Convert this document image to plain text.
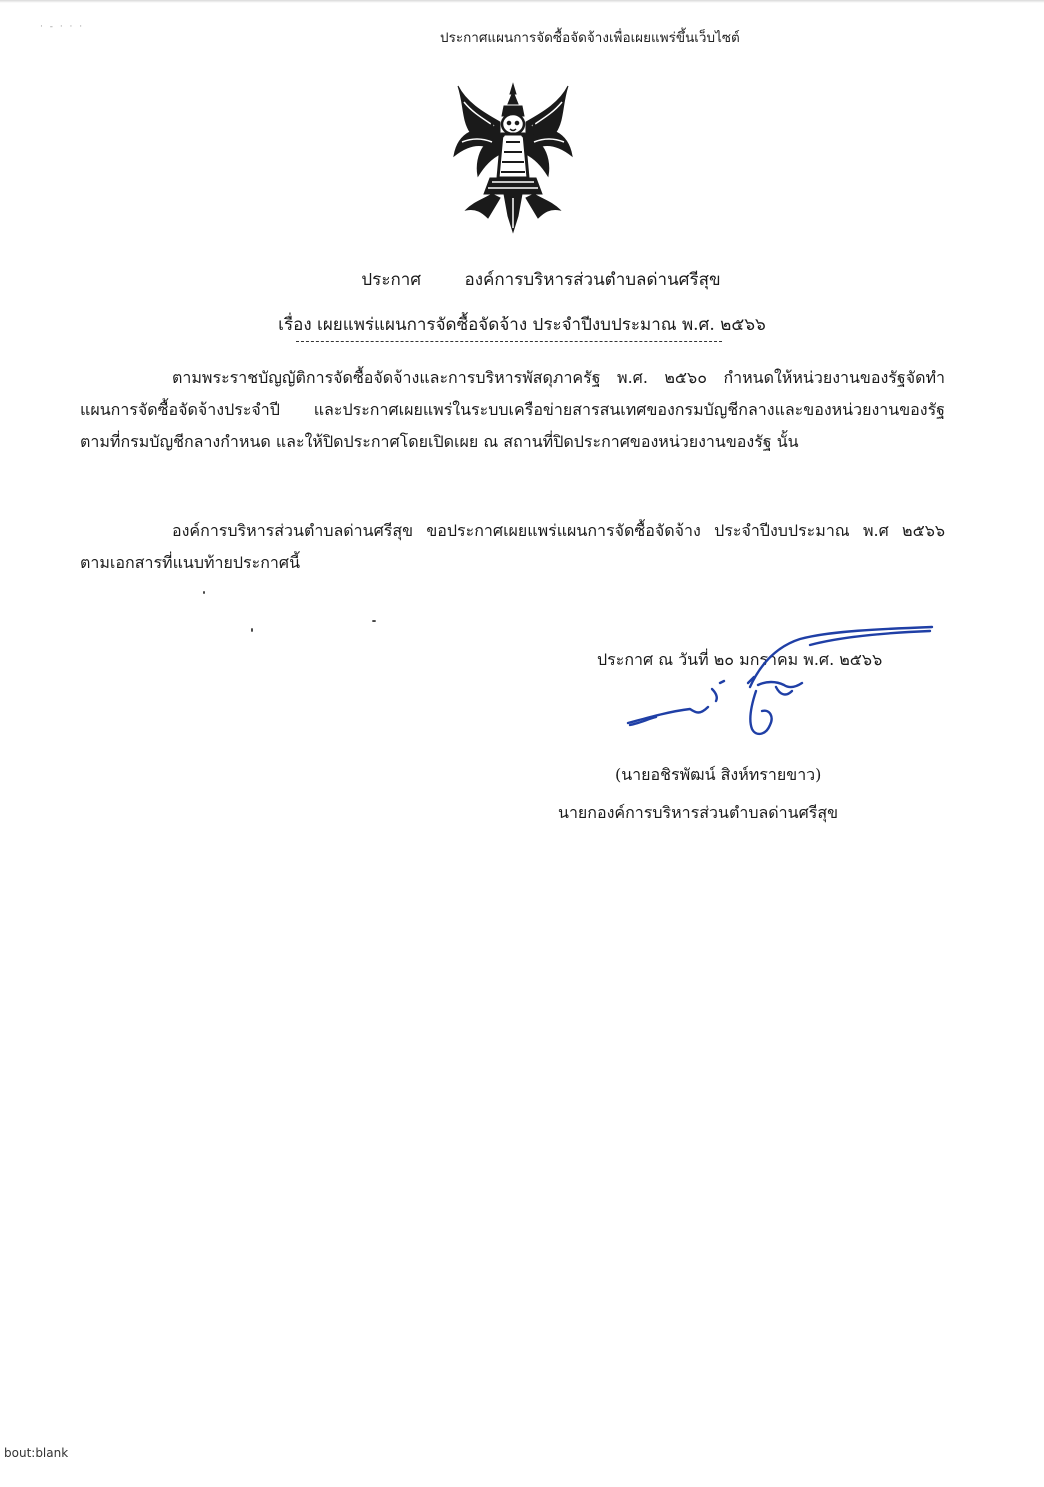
· - · · ·
ประกาศแผนการจัดซื้อจัดจ้างเพื่อเผยแพร่ขึ้นเว็บไซต์
ประกาศ	องค์การบริหารส่วนตำบลด่านศรีสุข
เรื่อง เผยแพร่แผนการจัดซื้อจัดจ้าง ประจำปีงบประมาณ พ.ศ. ๒๕๖๖
ตามพระราชบัญญัติการจัดซื้อจัดจ้างและการบริหารพัสดุภาครัฐ พ.ศ. ๒๕๖๐ กำหนดให้หน่วยงานของรัฐจัดทำแผนการจัดซื้อจัดจ้างประจำปี และประกาศเผยแพร่ในระบบเครือข่ายสารสนเทศของกรมบัญชีกลางและของหน่วยงานของรัฐตามที่กรมบัญชีกลางกำหนด และให้ปิดประกาศโดยเปิดเผย ณ สถานที่ปิดประกาศของหน่วยงานของรัฐ นั้น
องค์การบริหารส่วนตำบลด่านศรีสุข ขอประกาศเผยแพร่แผนการจัดซื้อจัดจ้าง ประจำปีงบประมาณ พ.ศ ๒๕๖๖ ตามเอกสารที่แนบท้ายประกาศนี้
ประกาศ ณ วันที่ ๒๐ มกราคม พ.ศ. ๒๕๖๖
(นายอชิรพัฒน์ สิงห์ทรายขาว)
นายกองค์การบริหารส่วนตำบลด่านศรีสุข
bout:blank
